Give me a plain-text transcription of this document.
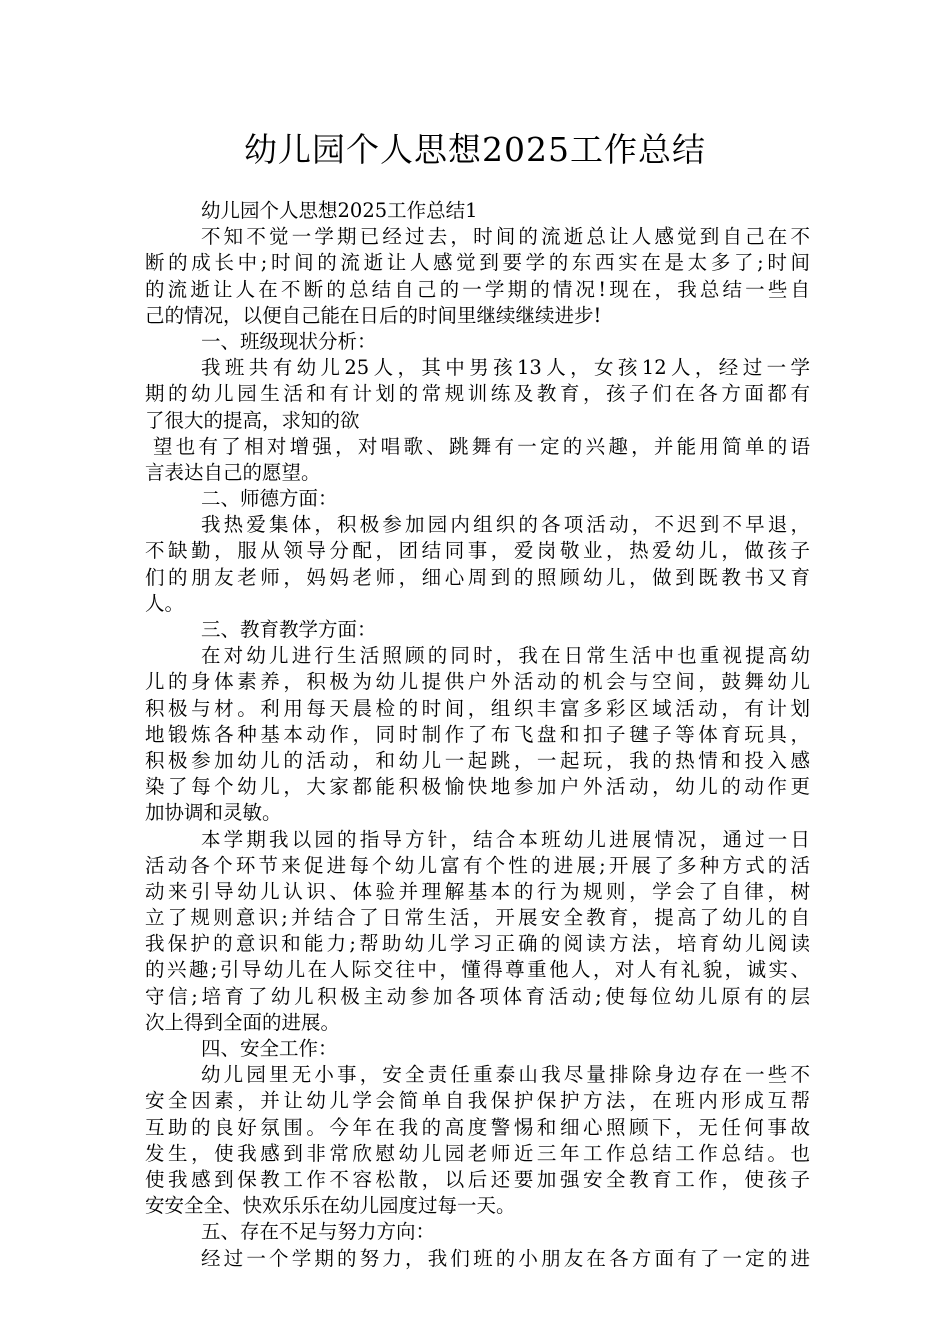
幼儿园个人思想2025工作总结
幼儿园个人思想2025工作总结1
不知不觉一学期已经过去，时间的流逝总让人感觉到自己在不
断的成长中;时间的流逝让人感觉到要学的东西实在是太多了;时间
的流逝让人在不断的总结自己的一学期的情况!现在，我总结一些自
己的情况，以便自己能在日后的时间里继续继续进步!
一、班级现状分析：
我班共有幼儿25人，其中男孩13人，女孩12人，经过一学
期的幼儿园生活和有计划的常规训练及教育，孩子们在各方面都有
了很大的提高，求知的欲
望也有了相对增强，对唱歌、跳舞有一定的兴趣，并能用简单的语
言表达自己的愿望。
二、师德方面：
我热爱集体，积极参加园内组织的各项活动，不迟到不早退，
不缺勤，服从领导分配，团结同事，爱岗敬业，热爱幼儿，做孩子
们的朋友老师，妈妈老师，细心周到的照顾幼儿，做到既教书又育
人。
三、教育教学方面：
在对幼儿进行生活照顾的同时，我在日常生活中也重视提高幼
儿的身体素养，积极为幼儿提供户外活动的机会与空间，鼓舞幼儿
积极与材。利用每天晨检的时间，组织丰富多彩区域活动，有计划
地锻炼各种基本动作，同时制作了布飞盘和扣子毽子等体育玩具，
积极参加幼儿的活动，和幼儿一起跳，一起玩，我的热情和投入感
染了每个幼儿，大家都能积极愉快地参加户外活动，幼儿的动作更
加协调和灵敏。
本学期我以园的指导方针，结合本班幼儿进展情况，通过一日
活动各个环节来促进每个幼儿富有个性的进展;开展了多种方式的活
动来引导幼儿认识、体验并理解基本的行为规则，学会了自律，树
立了规则意识;并结合了日常生活，开展安全教育，提高了幼儿的自
我保护的意识和能力;帮助幼儿学习正确的阅读方法，培育幼儿阅读
的兴趣;引导幼儿在人际交往中，懂得尊重他人，对人有礼貌，诚实、
守信;培育了幼儿积极主动参加各项体育活动;使每位幼儿原有的层
次上得到全面的进展。
四、安全工作：
幼儿园里无小事，安全责任重泰山我尽量排除身边存在一些不
安全因素，并让幼儿学会简单自我保护保护方法，在班内形成互帮
互助的良好氛围。今年在我的高度警惕和细心照顾下，无任何事故
发生，使我感到非常欣慰幼儿园老师近三年工作总结工作总结。也
使我感到保教工作不容松散，以后还要加强安全教育工作，使孩子
安安全全、快欢乐乐在幼儿园度过每一天。
五、存在不足与努力方向：
经过一个学期的努力，我们班的小朋友在各方面有了一定的进
